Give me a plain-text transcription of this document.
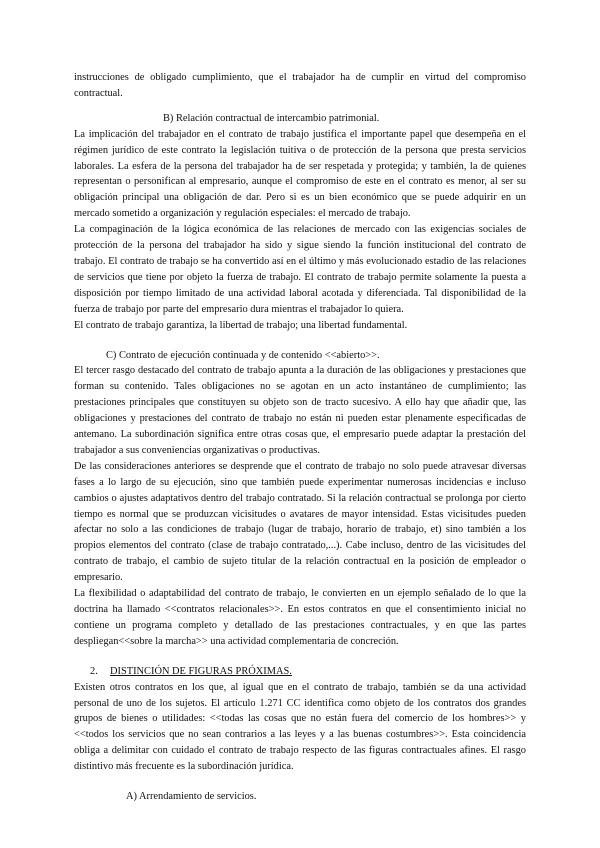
instrucciones de obligado cumplimiento, que el trabajador ha de cumplir en virtud del compromiso contractual.

B) Relación contractual de intercambio patrimonial.

La implicación del trabajador en el contrato de trabajo justifica el importante papel que desempeña en el régimen jurídico de este contrato la legislación tuitiva o de protección de la persona que presta servicios laborales. La esfera de la persona del trabajador ha de ser respetada y protegida; y también, la de quienes representan o personifican al empresario, aunque el compromiso de este en el contrato es menor, al ser su obligación principal una obligación de dar. Pero si es un bien económico que se puede adquirir en un mercado sometido a organización y regulación especiales: el mercado de trabajo.

La compaginación de la lógica económica de las relaciones de mercado con las exigencias sociales de protección de la persona del trabajador ha sido y sigue siendo la función institucional del contrato de trabajo. El contrato de trabajo se ha convertido así en el último y más evolucionado estadio de las relaciones de servicios que tiene por objeto la fuerza de trabajo. El contrato de trabajo permite solamente la puesta a disposición por tiempo limitado de una actividad laboral acotada y diferenciada. Tal disponibilidad de la fuerza de trabajo por parte del empresario dura mientras el trabajador lo quiera.

El contrato de trabajo garantiza, la libertad de trabajo; una libertad fundamental.

C) Contrato de ejecución continuada y de contenido <<abierto>>.

El tercer rasgo destacado del contrato de trabajo apunta a la duración de las obligaciones y prestaciones que forman su contenido. Tales obligaciones no se agotan en un acto instantáneo de cumplimiento; las prestaciones principales que constituyen su objeto son de tracto sucesivo. A ello hay que añadir que, las obligaciones y prestaciones del contrato de trabajo no están ni pueden estar plenamente especificadas de antemano. La subordinación significa entre otras cosas que, el empresario puede adaptar la prestación del trabajador a sus conveniencias organizativas o productivas.

De las consideraciones anteriores se desprende que el contrato de trabajo no solo puede atravesar diversas fases a lo largo de su ejecución, sino que también puede experimentar numerosas incidencias e incluso cambios o ajustes adaptativos dentro del trabajo contratado. Si la relación contractual se prolonga por cierto tiempo es normal que se produzcan vicisitudes o avatares de mayor intensidad. Estas vicisitudes pueden afectar no solo a las condiciones de trabajo (lugar de trabajo, horario de trabajo, et) sino también a los propios elementos del contrato (clase de trabajo contratado,...). Cabe incluso, dentro de las vicisitudes del contrato de trabajo, el cambio de sujeto titular de la relación contractual en la posición de empleador o empresario.

La flexibilidad o adaptabilidad del contrato de trabajo, le convierten en un ejemplo señalado de lo que la doctrina ha llamado <<contratos relacionales>>. En estos contratos en que el consentimiento inicial no contiene un programa completo y detallado de las prestaciones contractuales, y en que las partes despliegan<<sobre la marcha>> una actividad complementaria de concreción.

2. DISTINCIÓN DE FIGURAS PRÓXIMAS.

Existen otros contratos en los que, al igual que en el contrato de trabajo, también se da una actividad personal de uno de los sujetos. El artículo 1.271 CC identifica como objeto de los contratos dos grandes grupos de bienes o utilidades: <<todas las cosas que no están fuera del comercio de los hombres>> y <<todos los servicios que no sean contrarios a las leyes y a las buenas costumbres>>. Esta coincidencia obliga a delimitar con cuidado el contrato de trabajo respecto de las figuras contractuales afines. El rasgo distintivo más frecuente es la subordinación jurídica.

A) Arrendamiento de servicios.
